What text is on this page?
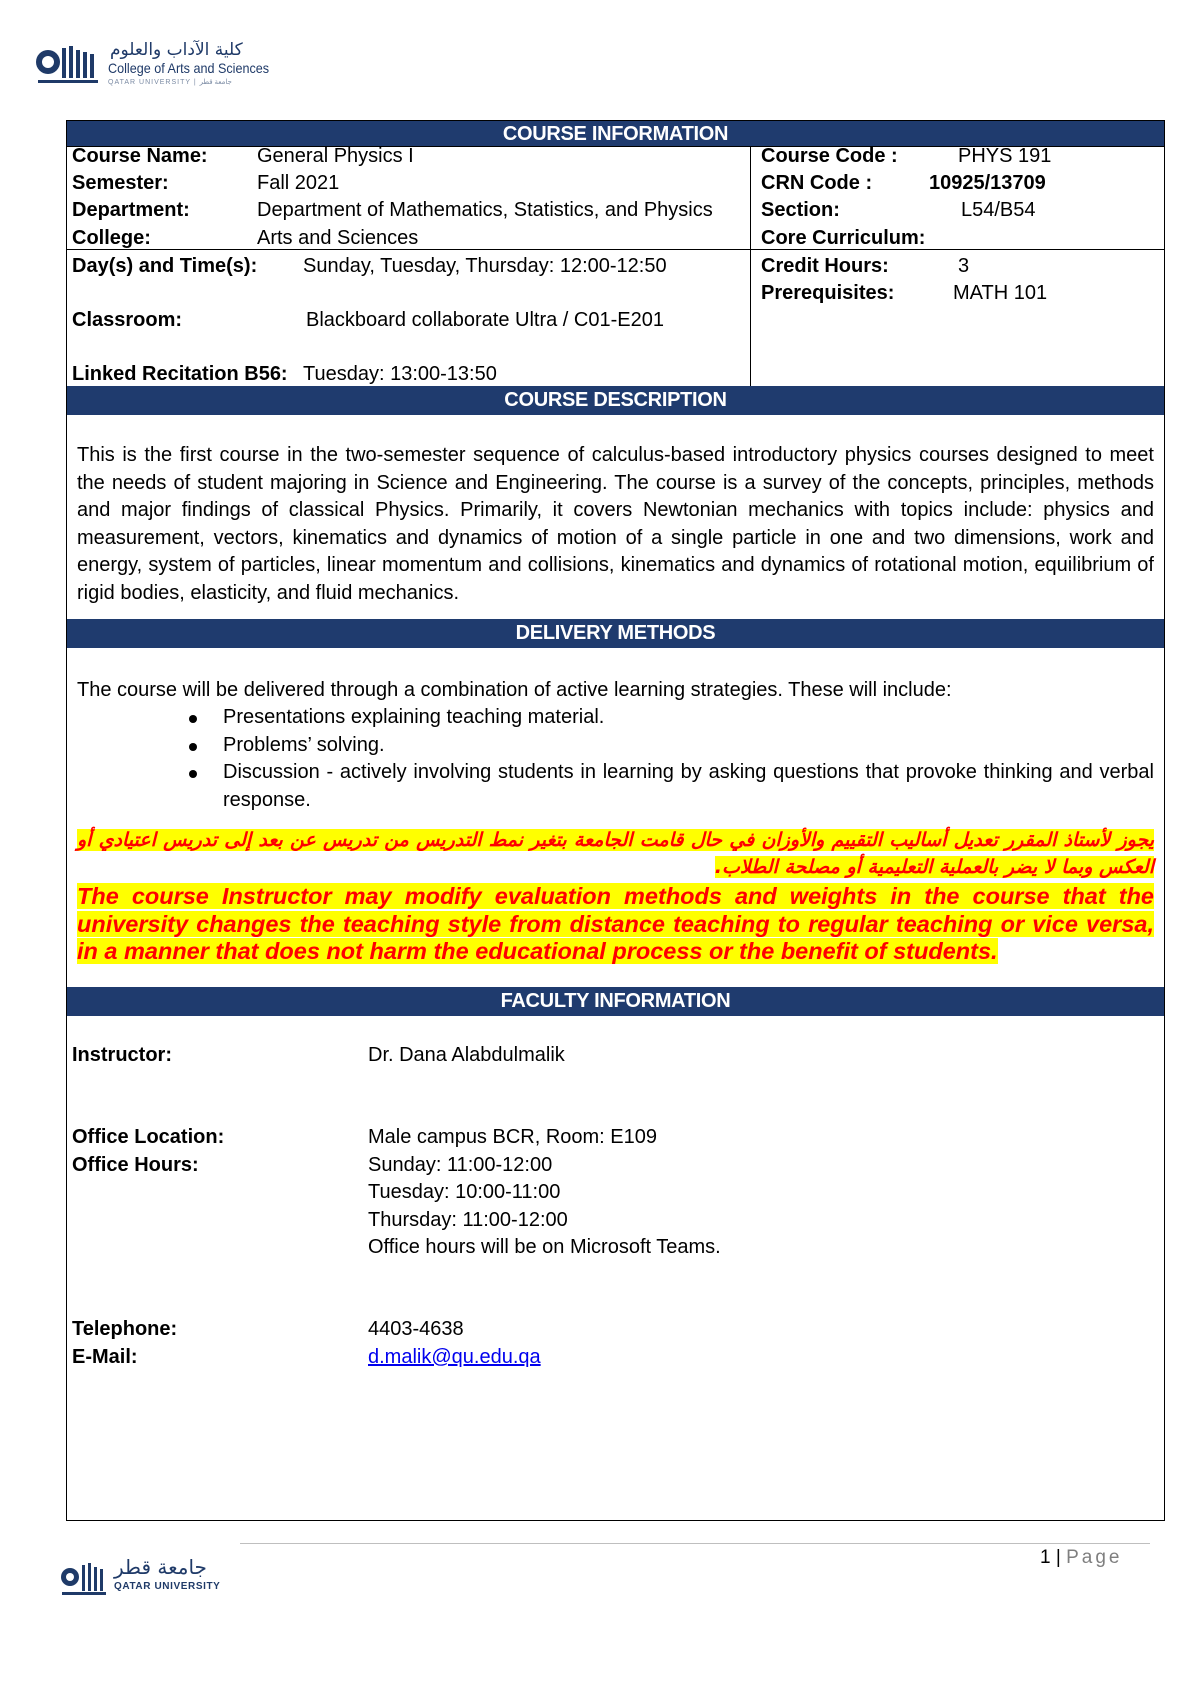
كلية الآداب والعلوم
College of Arts and Sciences
QATAR UNIVERSITY | جامعة قطر
COURSE INFORMATION
Course Name: General Physics I
Semester:	Fall 2021
Department:	Department of Mathematics, Statistics, and Physics
College:	Arts and Sciences
Course Code :	PHYS 191
CRN Code :	10925/13709
Section:	L54/B54
Core Curriculum:
Day(s) and Time(s): Sunday, Tuesday, Thursday: 12:00-12:50
Classroom:	Blackboard collaborate Ultra / C01-E201
Linked Recitation B56: Tuesday: 13:00-13:50
Credit Hours:	3
Prerequisites:	MATH 101
COURSE DESCRIPTION
This is the first course in the two-semester sequence of calculus-based introductory physics courses designed to meet the needs of student majoring in Science and Engineering. The course is a survey of the concepts, principles, methods and major findings of classical Physics. Primarily, it covers Newtonian mechanics with topics include: physics and measurement, vectors, kinematics and dynamics of motion of a single particle in one and two dimensions, work and energy, system of particles, linear momentum and collisions, kinematics and dynamics of rotational motion, equilibrium of rigid bodies, elasticity, and fluid mechanics.
DELIVERY METHODS
The course will be delivered through a combination of active learning strategies. These will include:
Presentations explaining teaching material.
Problems’ solving.
Discussion - actively involving students in learning by asking questions that provoke thinking and verbal response.
يجوز لأستاذ المقرر تعديل أساليب التقييم والأوزان في حال قامت الجامعة بتغير نمط التدريس من تدريس عن بعد إلى تدريس اعتيادي أو العكس وبما لا يضر بالعملية التعليمية أو مصلحة الطلاب.
The course Instructor may modify evaluation methods and weights in the course that the university changes the teaching style from distance teaching to regular teaching or vice versa, in a manner that does not harm the educational process or the benefit of students.
FACULTY INFORMATION
Instructor:	Dr. Dana Alabdulmalik
Office Location:	Male campus BCR, Room: E109
Office Hours:	Sunday: 11:00-12:00
Tuesday: 10:00-11:00
Thursday: 11:00-12:00
Office hours will be on Microsoft Teams.
Telephone:	4403-4638
E-Mail:	d.malik@qu.edu.qa
جامعة قطر
QATAR UNIVERSITY
1 | Page
